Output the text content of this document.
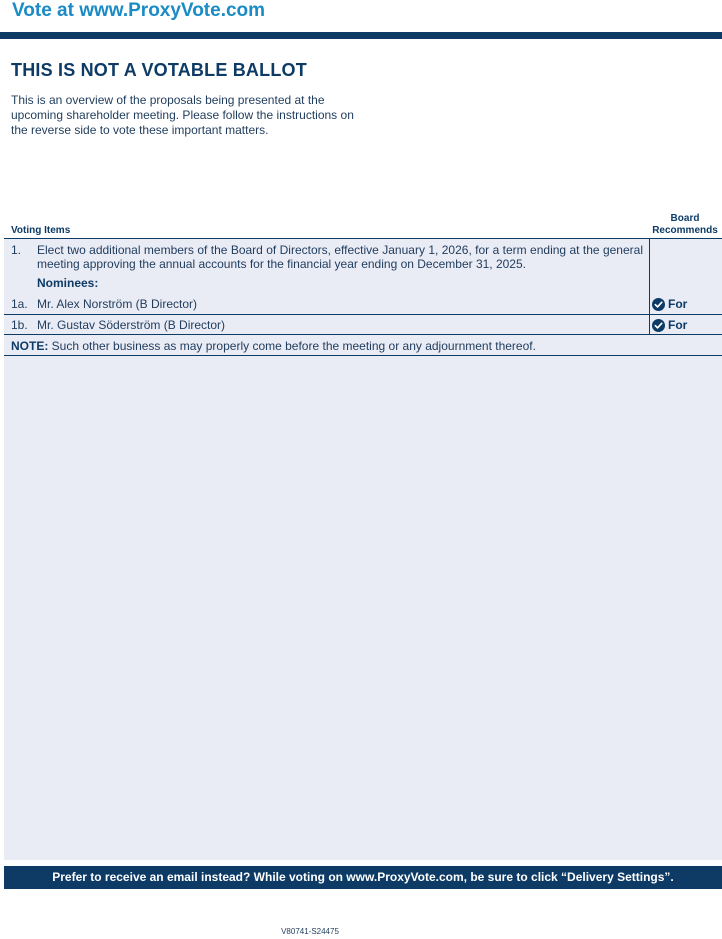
Vote at www.ProxyVote.com
THIS IS NOT A VOTABLE BALLOT
This is an overview of the proposals being presented at the
upcoming shareholder meeting. Please follow the instructions on
the reverse side to vote these important matters.
Voting Items
Board
Recommends
1. Elect two additional members of the Board of Directors, effective January 1, 2026, for a term ending at the general meeting approving the annual accounts for the financial year ending on December 31, 2025.
Nominees:
1a. Mr. Alex Norström (B Director)	For
1b. Mr. Gustav Söderström (B Director)	For
NOTE: Such other business as may properly come before the meeting or any adjournment thereof.
Prefer to receive an email instead? While voting on www.ProxyVote.com, be sure to click “Delivery Settings”.
V80741-S24475
